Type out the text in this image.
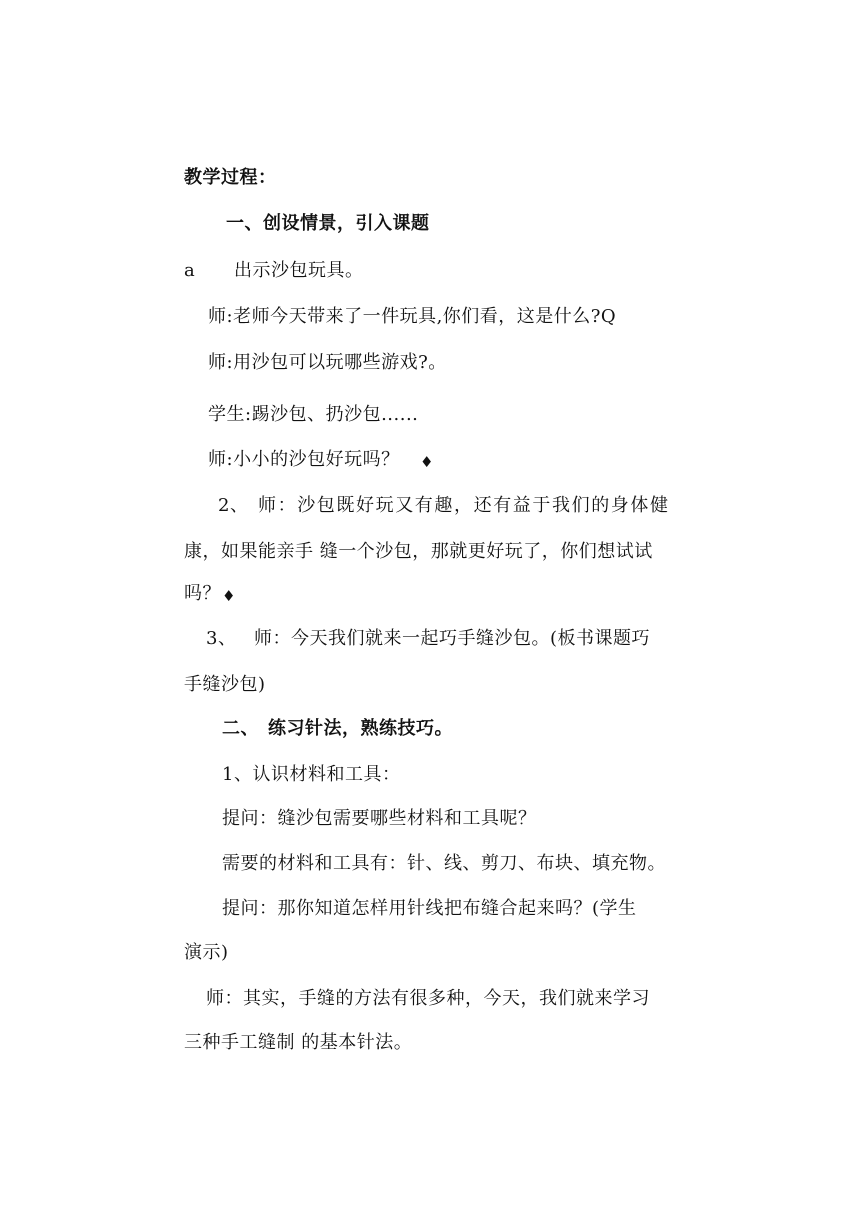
教学过程：
一、创设情景，引入课题
a 出示沙包玩具。
师:老师今天带来了一件玩具,你们看，这是什么?Q
师:用沙包可以玩哪些游戏?。
学生:踢沙包、扔沙包......
师:小小的沙包好玩吗？ ♦
2、 师：沙包既好玩又有趣，还有益于我们的身体健
康，如果能亲手 缝一个沙包，那就更好玩了，你们想试试
吗？ ♦
3、 师：今天我们就来一起巧手缝沙包。(板书课题巧
手缝沙包)
二、 练习针法，熟练技巧。
1、认识材料和工具：
提问：缝沙包需要哪些材料和工具呢？
需要的材料和工具有：针、线、剪刀、布块、填充物。
提问：那你知道怎样用针线把布缝合起来吗？(学生
演示)
师：其实，手缝的方法有很多种，今天，我们就来学习
三种手工缝制 的基本针法。
